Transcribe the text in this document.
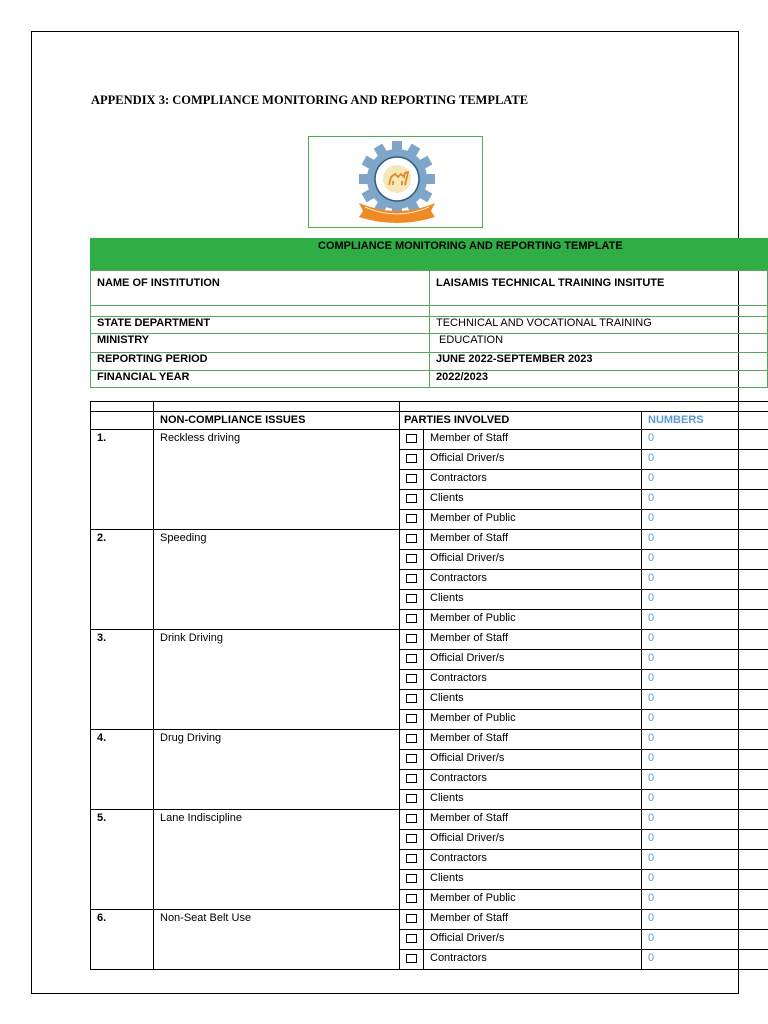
APPENDIX 3: COMPLIANCE MONITORING AND REPORTING TEMPLATE
COMPLIANCE MONITORING AND REPORTING TEMPLATE
NAME OF INSTITUTION	LAISAMIS TECHNICAL TRAINING INSITUTE

STATE DEPARTMENT	TECHNICAL AND VOCATIONAL TRAINING
MINISTRY	EDUCATION
REPORTING PERIOD	JUNE 2022-SEPTEMBER 2023
FINANCIAL YEAR	2022/2023

	NON-COMPLIANCE ISSUES	PARTIES INVOLVED		NUMBERS
1.	Reckless driving		Member of Staff	0
			Official Driver/s	0
			Contractors	0
			Clients	0
			Member of Public	0
2.	Speeding		Member of Staff	0
			Official Driver/s	0
			Contractors	0
			Clients	0
			Member of Public	0
3.	Drink Driving		Member of Staff	0
			Official Driver/s	0
			Contractors	0
			Clients	0
			Member of Public	0
4.	Drug Driving		Member of Staff	0
			Official Driver/s	0
			Contractors	0
			Clients	0
5.	Lane Indiscipline		Member of Staff	0
			Official Driver/s	0
			Contractors	0
			Clients	0
			Member of Public	0
6.	Non-Seat Belt Use		Member of Staff	0
			Official Driver/s	0
			Contractors	0
